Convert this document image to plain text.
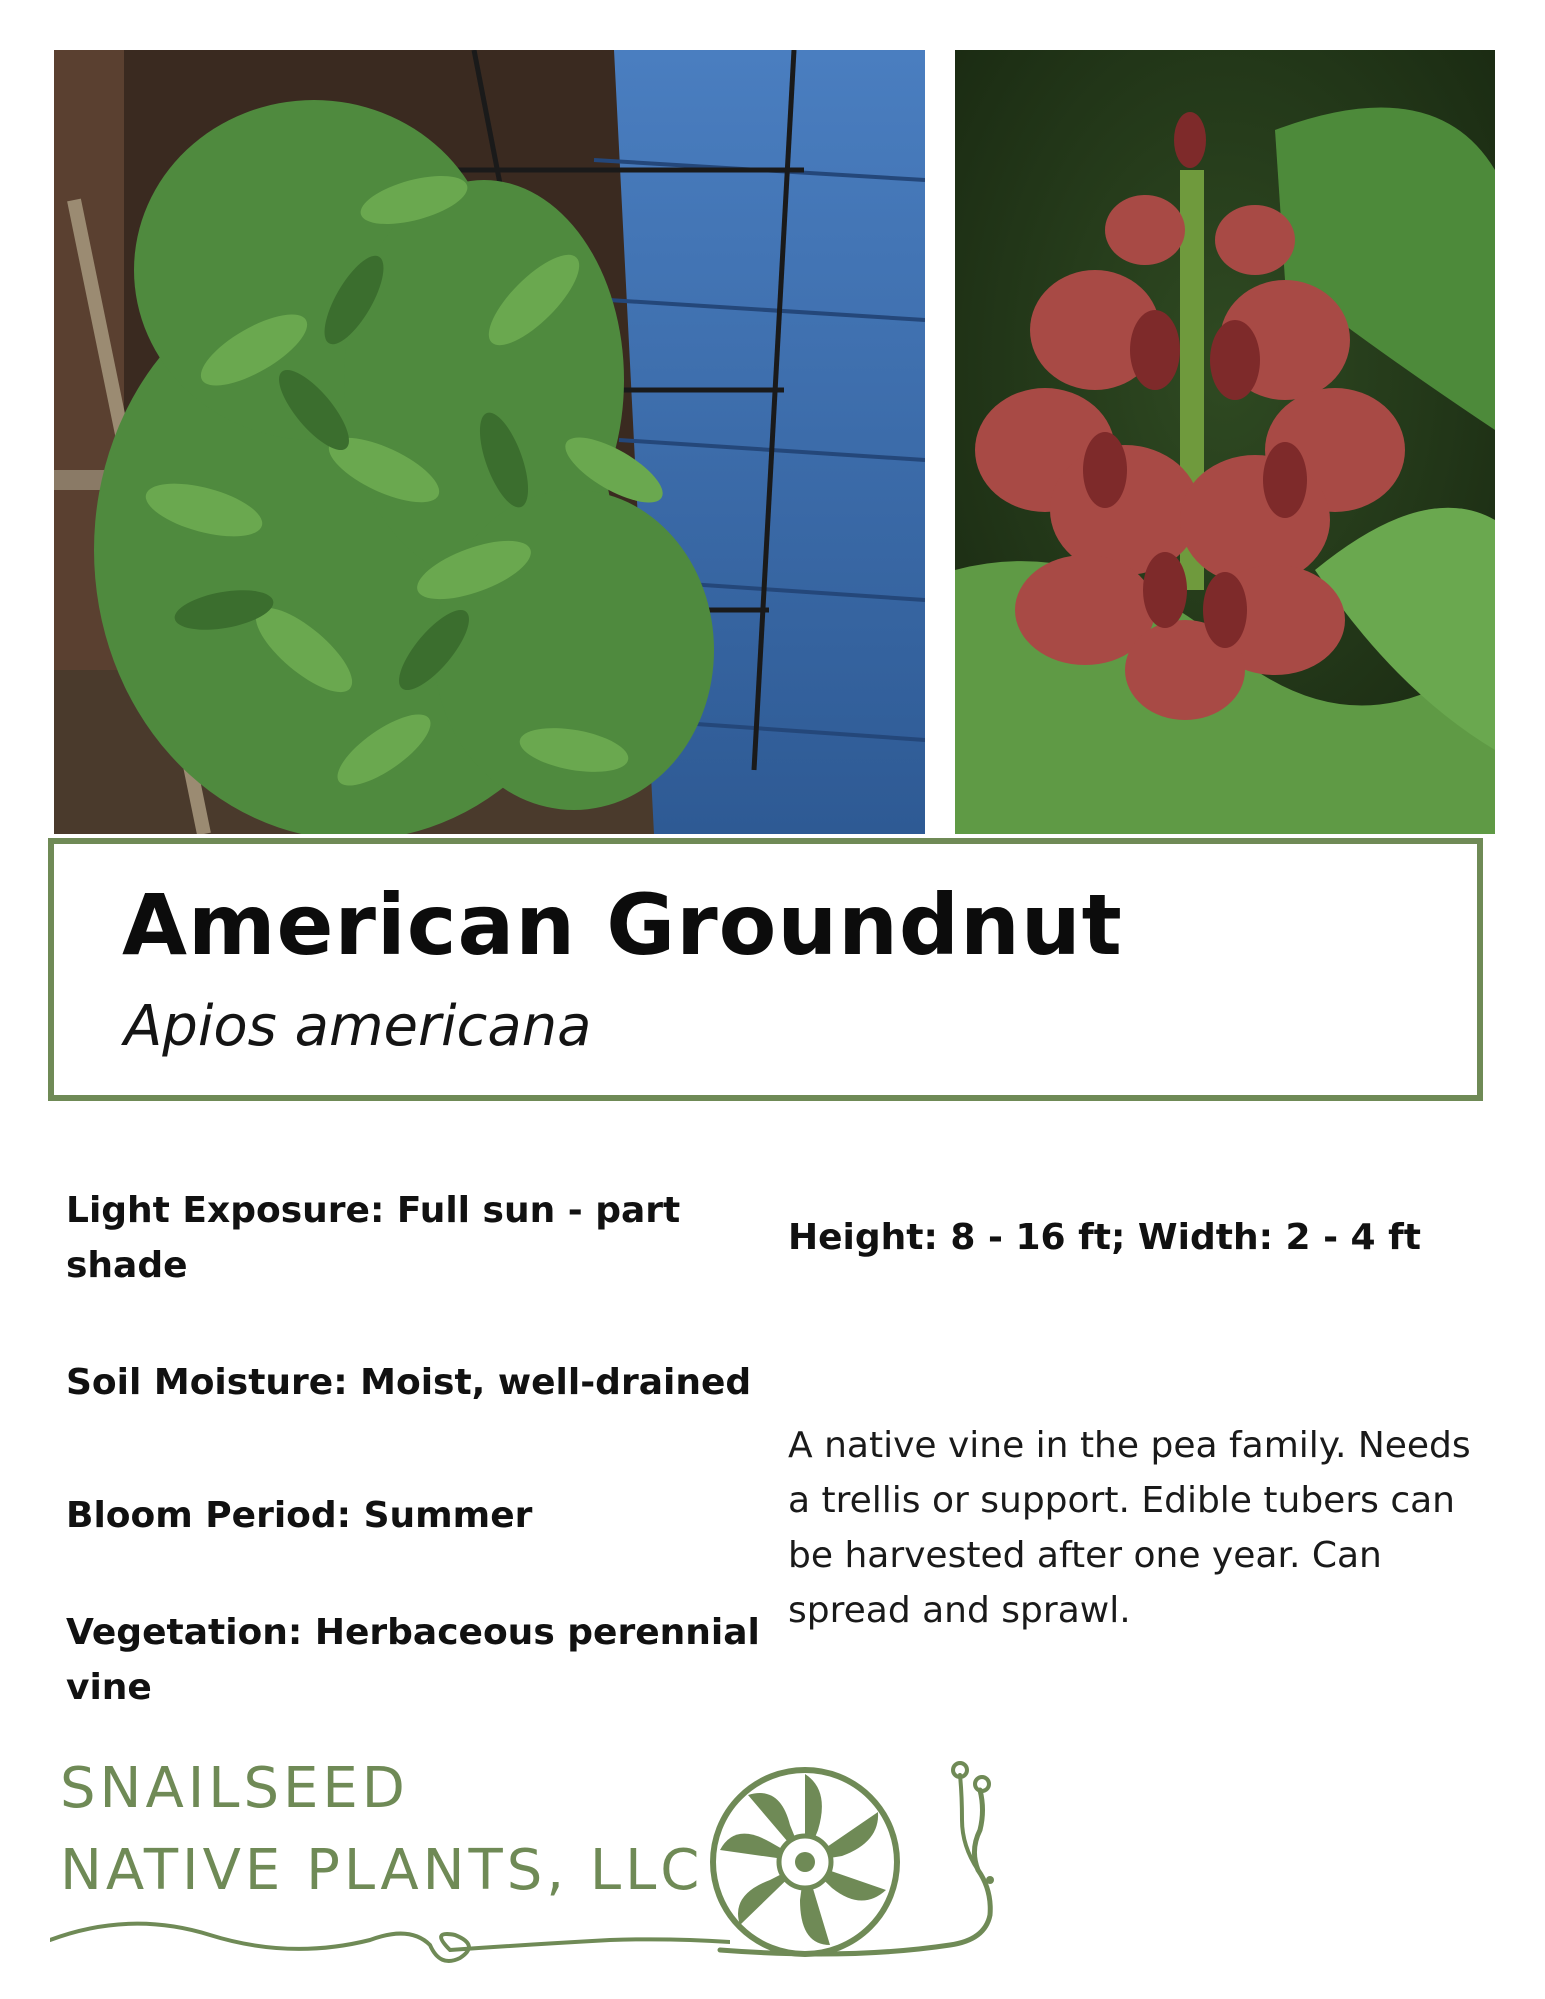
American Groundnut
Apios americana
Light Exposure: Full sun - part shade
Soil Moisture: Moist, well-drained
Bloom Period: Summer
Vegetation: Herbaceous perennial vine
Height: 8 - 16 ft; Width: 2 - 4 ft
A native vine in the pea family. Needs a trellis or support. Edible tubers can be harvested after one year. Can spread and sprawl.
SNAILSEED
NATIVE PLANTS, LLC
